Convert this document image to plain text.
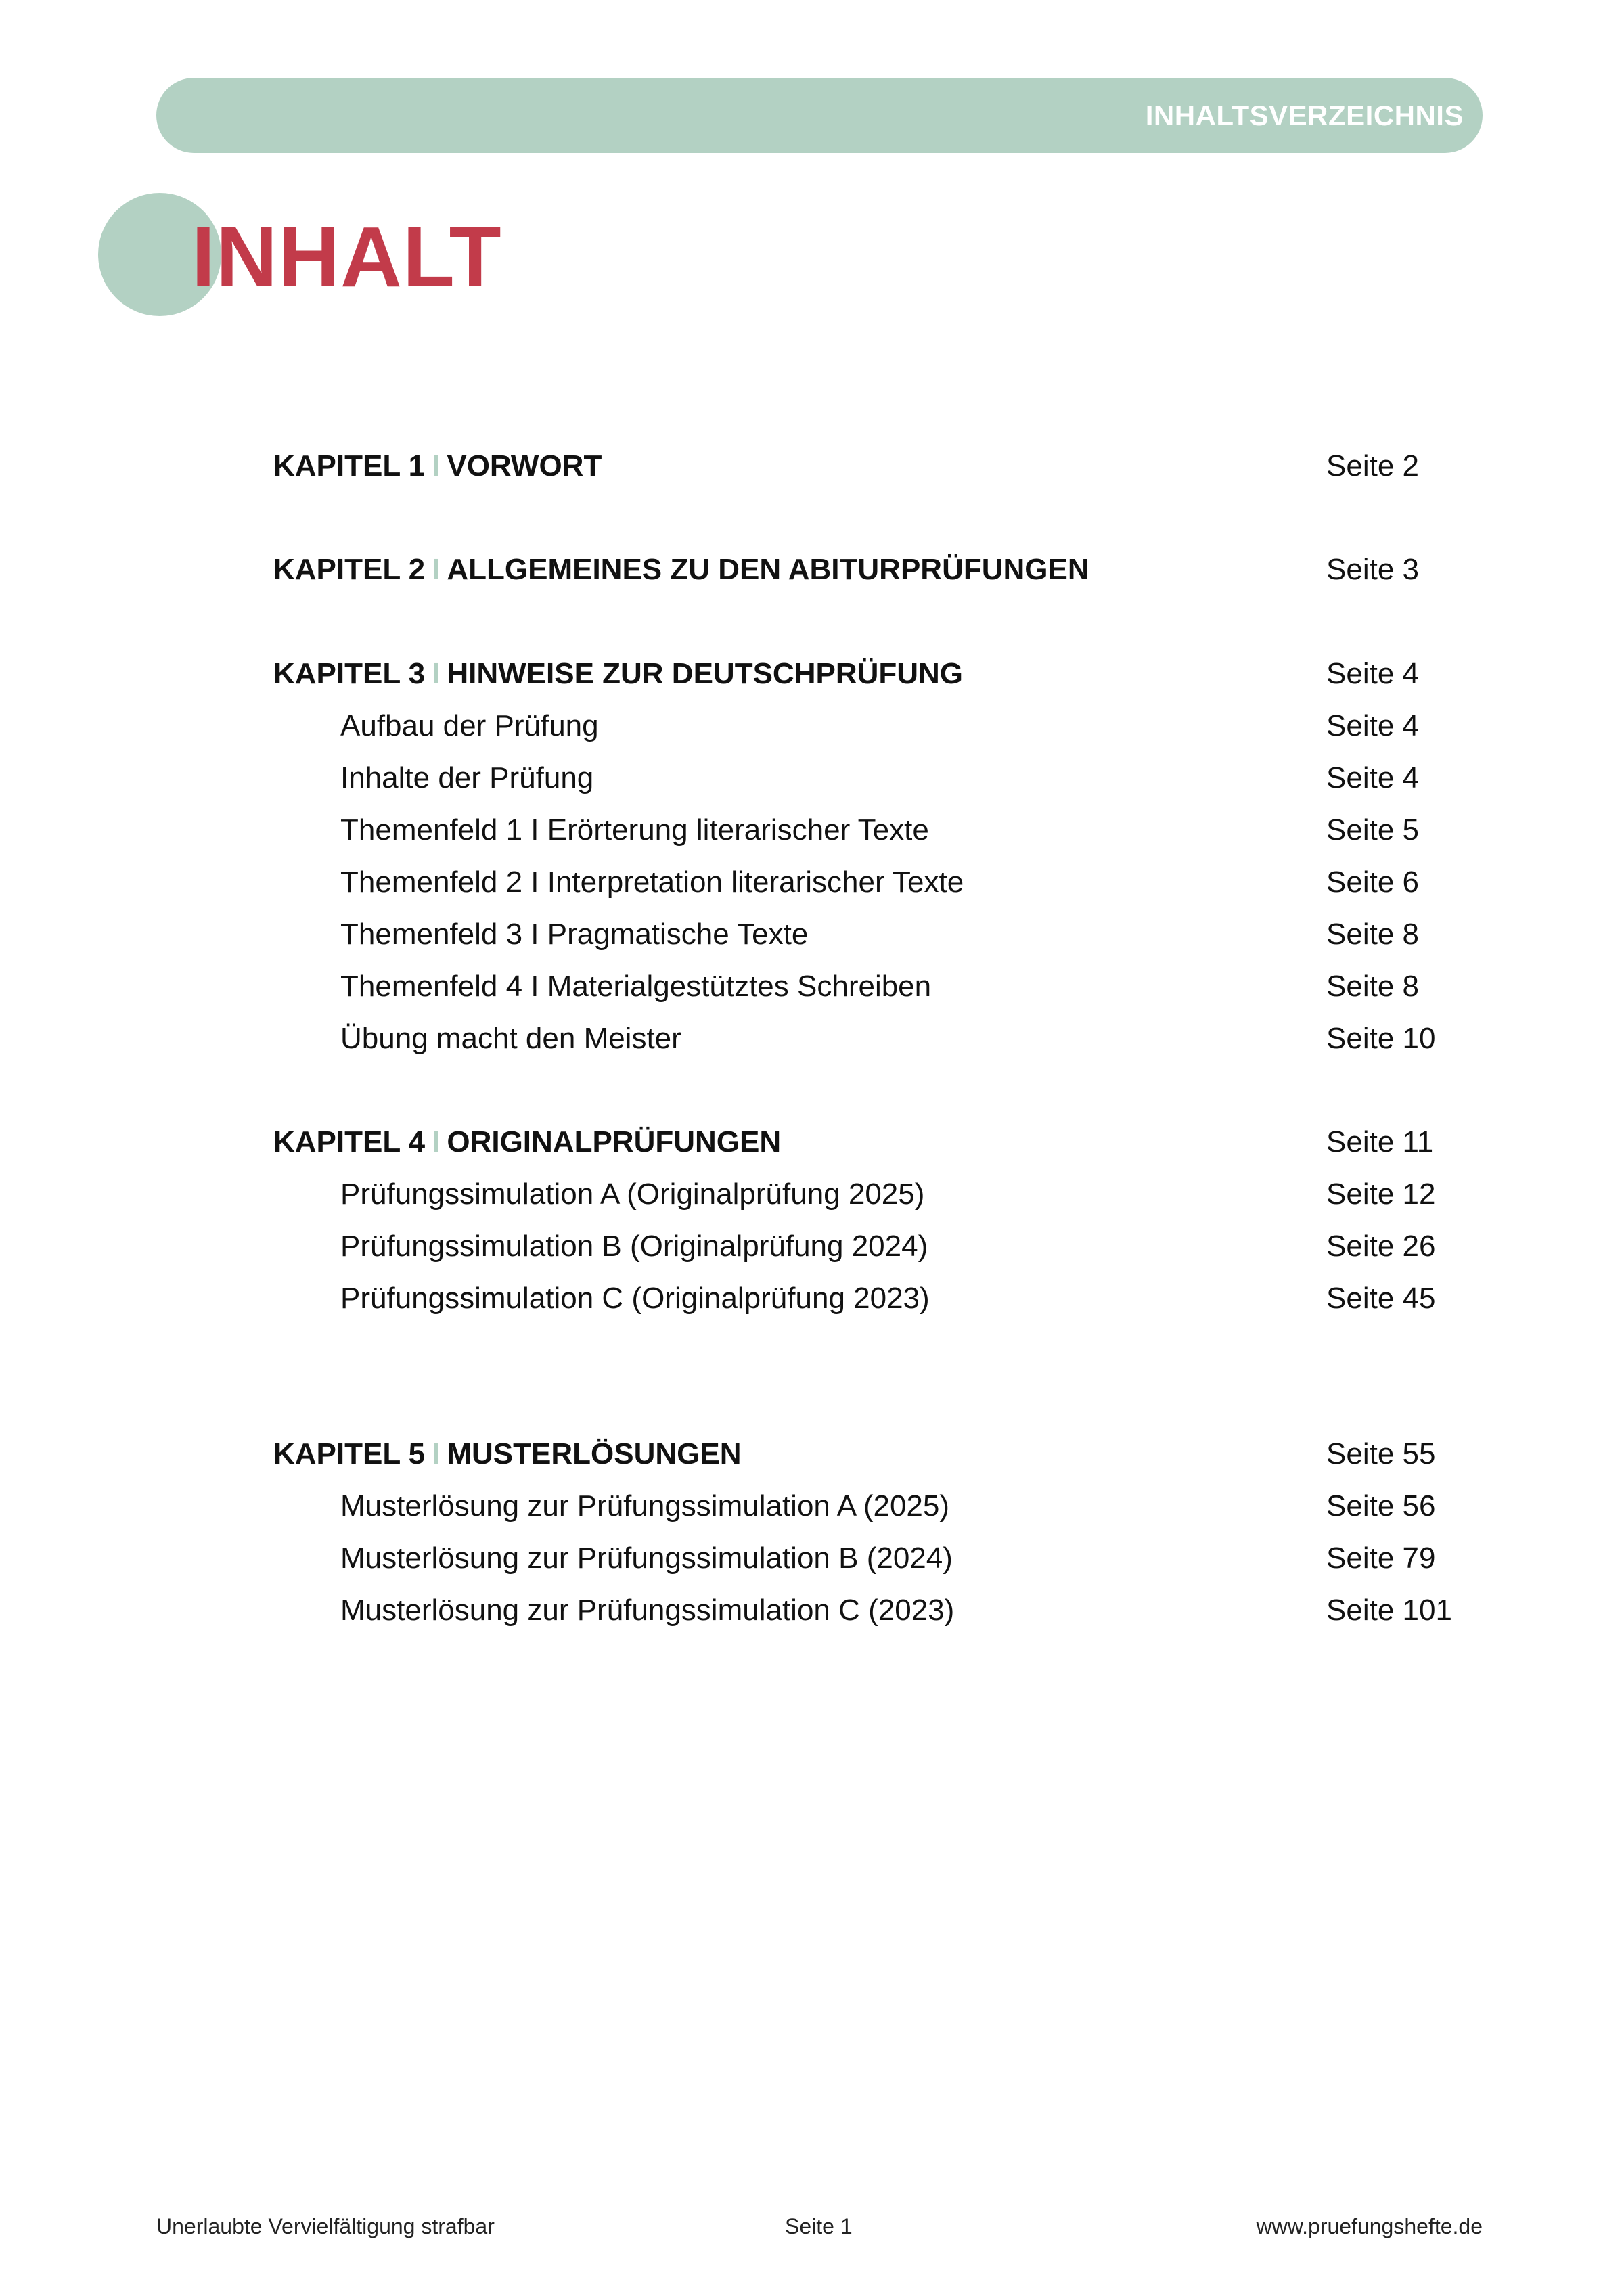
INHALTSVERZEICHNIS
INHALT
KAPITEL 1 I VORWORT	Seite 2
KAPITEL 2 I ALLGEMEINES ZU DEN ABITURPRÜFUNGEN	Seite 3
KAPITEL 3 I HINWEISE ZUR DEUTSCHPRÜFUNG	Seite 4
Aufbau der Prüfung	Seite 4
Inhalte der Prüfung	Seite 4
Themenfeld 1 I Erörterung literarischer Texte	Seite 5
Themenfeld 2 I Interpretation literarischer Texte	Seite 6
Themenfeld 3 I Pragmatische Texte	Seite 8
Themenfeld 4 I Materialgestütztes Schreiben	Seite 8
Übung macht den Meister	Seite 10
KAPITEL 4 I ORIGINALPRÜFUNGEN	Seite 11
Prüfungssimulation A (Originalprüfung 2025)	Seite 12
Prüfungssimulation B (Originalprüfung 2024)	Seite 26
Prüfungssimulation C (Originalprüfung 2023)	Seite 45
KAPITEL 5 I MUSTERLÖSUNGEN	Seite 55
Musterlösung zur Prüfungssimulation A (2025)	Seite 56
Musterlösung zur Prüfungssimulation B (2024)	Seite 79
Musterlösung zur Prüfungssimulation C (2023)	Seite 101
Unerlaubte Vervielfältigung strafbar	Seite 1	www.pruefungshefte.de
